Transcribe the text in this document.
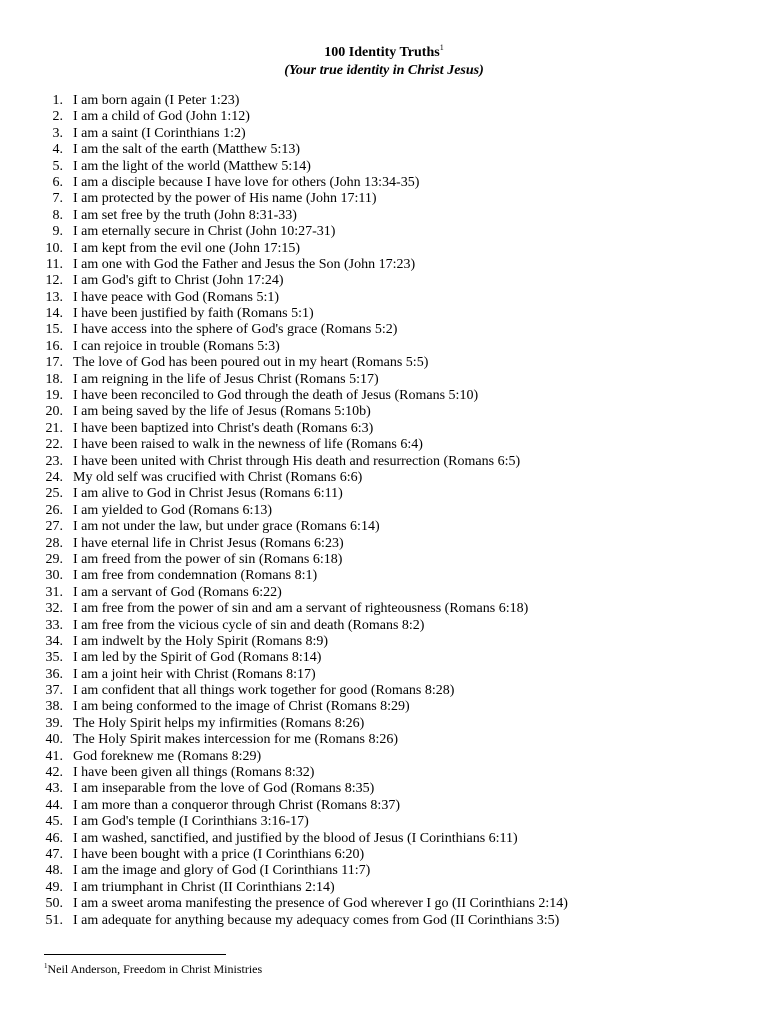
100 Identity Truths$^1$
(Your true identity in Christ Jesus)
1. I am born again (I Peter 1:23)
2. I am a child of God (John 1:12)
3. I am a saint (I Corinthians 1:2)
4. I am the salt of the earth (Matthew 5:13)
5. I am the light of the world (Matthew 5:14)
6. I am a disciple because I have love for others (John 13:34-35)
7. I am protected by the power of His name (John 17:11)
8. I am set free by the truth (John 8:31-33)
9. I am eternally secure in Christ (John 10:27-31)
10. I am kept from the evil one (John 17:15)
11. I am one with God the Father and Jesus the Son (John 17:23)
12. I am God's gift to Christ (John 17:24)
13. I have peace with God (Romans 5:1)
14. I have been justified by faith (Romans 5:1)
15. I have access into the sphere of God's grace (Romans 5:2)
16. I can rejoice in trouble (Romans 5:3)
17. The love of God has been poured out in my heart (Romans 5:5)
18. I am reigning in the life of Jesus Christ (Romans 5:17)
19. I have been reconciled to God through the death of Jesus (Romans 5:10)
20. I am being saved by the life of Jesus (Romans 5:10b)
21. I have been baptized into Christ's death (Romans 6:3)
22. I have been raised to walk in the newness of life (Romans 6:4)
23. I have been united with Christ through His death and resurrection (Romans 6:5)
24. My old self was crucified with Christ (Romans 6:6)
25. I am alive to God in Christ Jesus (Romans 6:11)
26. I am yielded to God (Romans 6:13)
27. I am not under the law, but under grace (Romans 6:14)
28. I have eternal life in Christ Jesus (Romans 6:23)
29. I am freed from the power of sin (Romans 6:18)
30. I am free from condemnation (Romans 8:1)
31. I am a servant of God (Romans 6:22)
32. I am free from the power of sin and am a servant of righteousness (Romans 6:18)
33. I am free from the vicious cycle of sin and death (Romans 8:2)
34. I am indwelt by the Holy Spirit (Romans 8:9)
35. I am led by the Spirit of God (Romans 8:14)
36. I am a joint heir with Christ (Romans 8:17)
37. I am confident that all things work together for good (Romans 8:28)
38. I am being conformed to the image of Christ (Romans 8:29)
39. The Holy Spirit helps my infirmities (Romans 8:26)
40. The Holy Spirit makes intercession for me (Romans 8:26)
41. God foreknew me (Romans 8:29)
42. I have been given all things (Romans 8:32)
43. I am inseparable from the love of God (Romans 8:35)
44. I am more than a conqueror through Christ (Romans 8:37)
45. I am God's temple (I Corinthians 3:16-17)
46. I am washed, sanctified, and justified by the blood of Jesus (I Corinthians 6:11)
47. I have been bought with a price (I Corinthians 6:20)
48. I am the image and glory of God (I Corinthians 11:7)
49. I am triumphant in Christ (II Corinthians 2:14)
50. I am a sweet aroma manifesting the presence of God wherever I go (II Corinthians 2:14)
51. I am adequate for anything because my adequacy comes from God (II Corinthians 3:5)
$^1$Neil Anderson, Freedom in Christ Ministries
